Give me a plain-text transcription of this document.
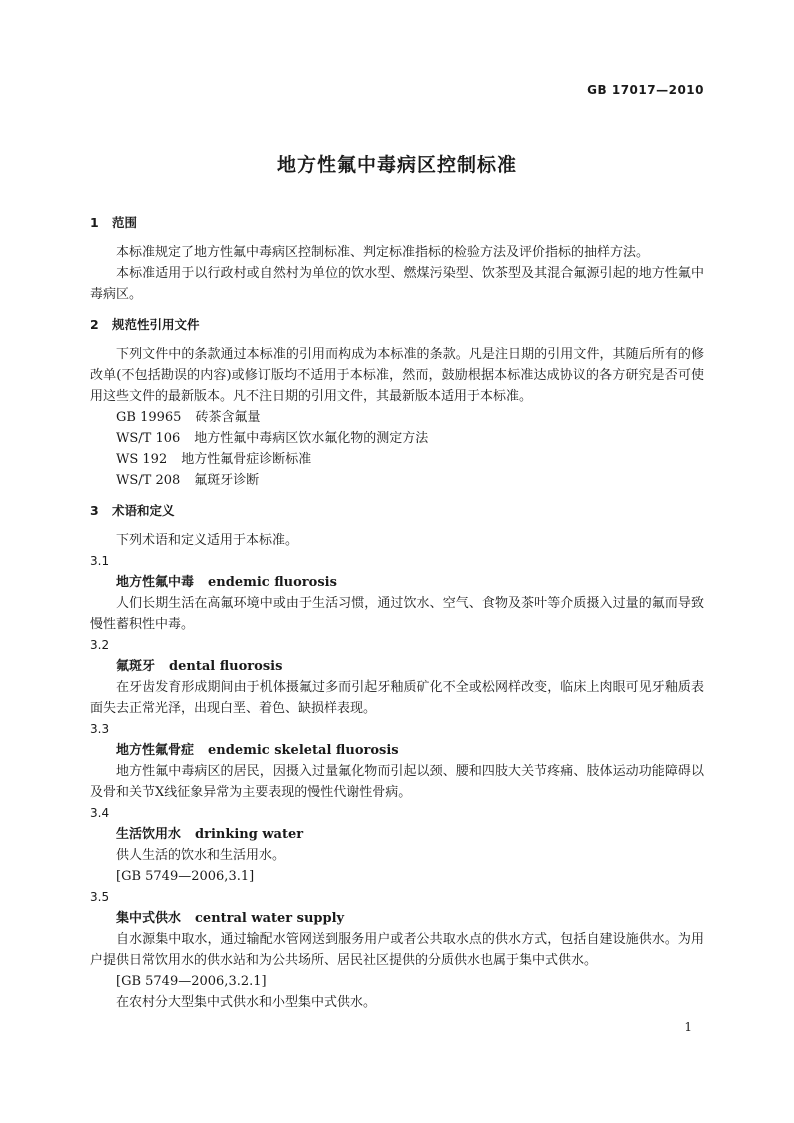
GB 17017—2010
地方性氟中毒病区控制标准
1 范围

本标准规定了地方性氟中毒病区控制标准、判定标准指标的检验方法及评价指标的抽样方法。

本标准适用于以行政村或自然村为单位的饮水型、燃煤污染型、饮茶型及其混合氟源引起的地方性氟中毒病区。

2 规范性引用文件

下列文件中的条款通过本标准的引用而构成为本标准的条款。凡是注日期的引用文件，其随后所有的修改单(不包括勘误的内容)或修订版均不适用于本标准，然而，鼓励根据本标准达成协议的各方研究是否可使用这些文件的最新版本。凡不注日期的引用文件，其最新版本适用于本标准。

GB 19965 砖茶含氟量

WS/T 106 地方性氟中毒病区饮水氟化物的测定方法

WS 192 地方性氟骨症诊断标准

WS/T 208 氟斑牙诊断

3 术语和定义

下列术语和定义适用于本标准。

3.1

地方性氟中毒 endemic fluorosis

人们长期生活在高氟环境中或由于生活习惯，通过饮水、空气、食物及茶叶等介质摄入过量的氟而导致慢性蓄积性中毒。

3.2

氟斑牙 dental fluorosis

在牙齿发育形成期间由于机体摄氟过多而引起牙釉质矿化不全或松网样改变，临床上肉眼可见牙釉质表面失去正常光泽，出现白垩、着色、缺损样表现。

3.3

地方性氟骨症 endemic skeletal fluorosis

地方性氟中毒病区的居民，因摄入过量氟化物而引起以颈、腰和四肢大关节疼痛、肢体运动功能障碍以及骨和关节X线征象异常为主要表现的慢性代谢性骨病。

3.4

生活饮用水 drinking water

供人生活的饮水和生活用水。

[GB 5749—2006,3.1]

3.5

集中式供水 central water supply

自水源集中取水，通过输配水管网送到服务用户或者公共取水点的供水方式，包括自建设施供水。为用户提供日常饮用水的供水站和为公共场所、居民社区提供的分质供水也属于集中式供水。

[GB 5749—2006,3.2.1]

在农村分大型集中式供水和小型集中式供水。

1
